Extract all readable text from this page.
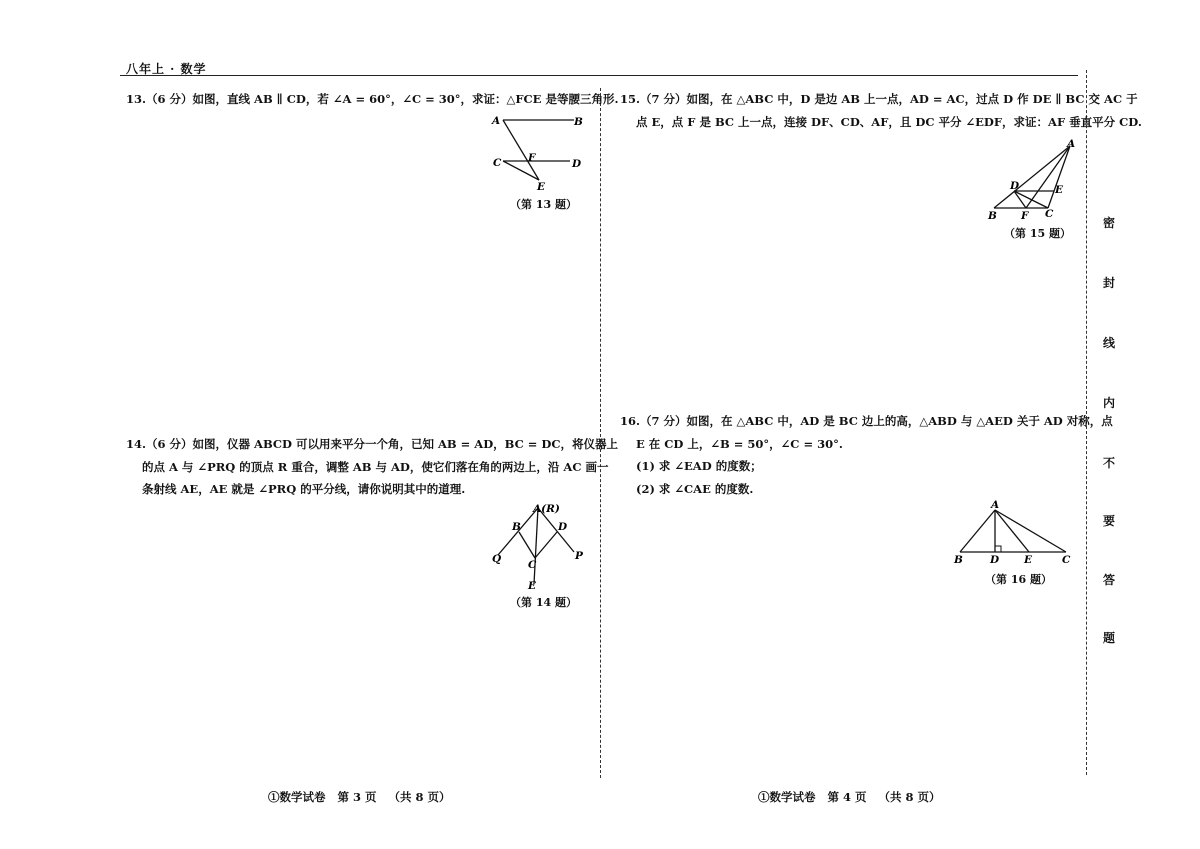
八年上 · 数学
13.（6 分）如图，直线 AB ∥ CD，若 ∠A = 60°，∠C = 30°，求证：△FCE 是等腰三角形.
A	B
C	F	D
E
（第 13 题）
14.（6 分）如图，仪器 ABCD 可以用来平分一个角，已知 AB = AD，BC = DC，将仪器上
的点 A 与 ∠PRQ 的顶点 R 重合，调整 AB 与 AD，使它们落在角的两边上，沿 AC 画一
条射线 AE，AE 就是 ∠PRQ 的平分线，请你说明其中的道理.
A(R)
B	D
Q	P
C
E
（第 14 题）
15.（7 分）如图，在 △ABC 中，D 是边 AB 上一点，AD = AC，过点 D 作 DE ∥ BC 交 AC 于
点 E，点 F 是 BC 上一点，连接 DF、CD、AF，且 DC 平分 ∠EDF，求证：AF 垂直平分 CD.
A
D	E
B F C
（第 15 题）
16.（7 分）如图，在 △ABC 中，AD 是 BC 边上的高，△ABD 与 △AED 关于 AD 对称，点
E 在 CD 上，∠B = 50°，∠C = 30°.
(1) 求 ∠EAD 的度数；
(2) 求 ∠CAE 的度数.
A
B	D E	C
（第 16 题）
①数学试卷   第 3 页   （共 8 页）	①数学试卷   第 4 页   （共 8 页）
密
封
线
内
不
要
答
题
